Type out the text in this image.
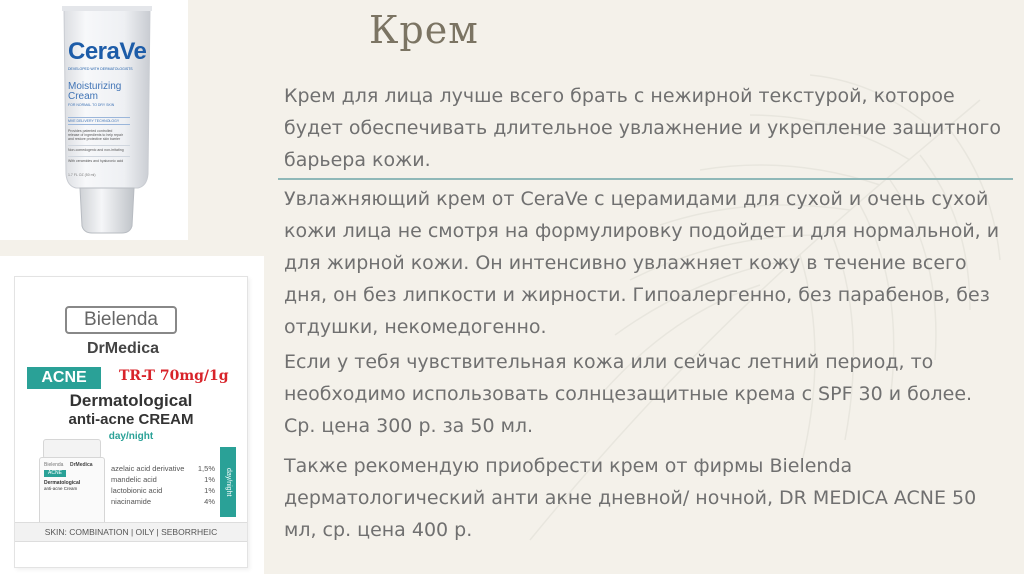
CeraVe
DEVELOPED WITH DERMATOLOGISTS
Moisturizing
Cream
FOR NORMAL TO DRY SKIN
MVE DELIVERY TECHNOLOGY
Provides patented controlled
release of ingredients to help repair
and restore protective skin barrier
Non-comedogenic and non-irritating
With ceramides and hyaluronic acid
1.7 FL OZ (50 ml)
Bielenda
DrMedica
ACNE	TR-T 70mg/1g
Dermatological
anti-acne CREAM
day/night
Bielenda DrMedica
ACNE
Dermatological
anti-acne Cream
azelaic acid derivative 1,5%
mandelic acid	1%
lactobionic acid	1%
niacinamide	4%
day/night
SKIN: COMBINATION | OILY | SEBORRHEIC
Крем
Крем для лица лучше всего брать с нежирной текстурой, которое будет обеспечивать длительное увлажнение и укрепление защитного барьера кожи.
Увлажняющий крем от CeraVe с церамидами для сухой и очень сухой кожи лица не смотря на формулировку подойдет и для нормальной, и для жирной кожи. Он интенсивно увлажняет кожу в течение всего дня, он без липкости и жирности. Гипоалергенно, без парабенов, без отдушки, некомедогенно.
Если у тебя чувствительная кожа или сейчас летний период, то необходимо использовать солнцезащитные крема с SPF 30 и более. Ср. цена 300 р. за 50 мл.
Также рекомендую приобрести крем от фирмы Bielenda дерматологический анти акне дневной/ ночной, DR MEDICA ACNE 50 мл, ср. цена 400 р.
